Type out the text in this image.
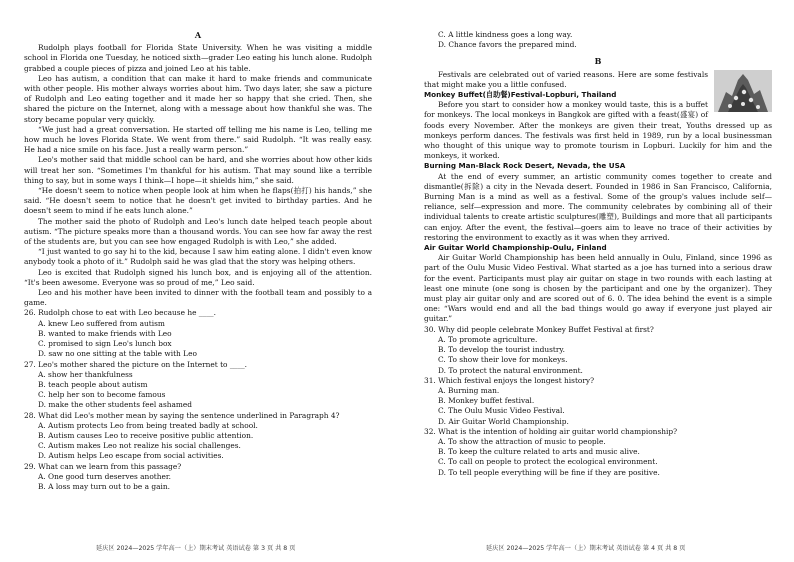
A

Rudolph plays football for Florida State University. When he was visiting a middle school in Florida one Tuesday, he noticed sixth—grader Leo eating his lunch alone. Rudolph grabbed a couple pieces of pizza and joined Leo at his table.

Leo has autism, a condition that can make it hard to make friends and communicate with other people. His mother always worries about him. Two days later, she saw a picture of Rudolph and Leo eating together and it made her so happy that she cried. Then, she shared the picture on the Internet, along with a message about how thankful she was. The story became popular very quickly.

“We just had a great conversation. He started off telling me his name is Leo, telling me how much he loves Florida State. We went from there.” said Rudolph. “It was really easy. He had a nice smile on his face. Just a really warm person.”

Leo's mother said that middle school can be hard, and she worries about how other kids will treat her son. “Sometimes I'm thankful for his autism. That may sound like a terrible thing to say, but in some ways I think—I hope—it shields him,” she said.

“He doesn't seem to notice when people look at him when he flaps(拍打) his hands,” she said. “He doesn't seem to notice that he doesn't get invited to birthday parties. And he doesn't seem to mind if he eats lunch alone.”

The mother said the photo of Rudolph and Leo's lunch date helped teach people about autism. “The picture speaks more than a thousand words. You can see how far away the rest of the students are, but you can see how engaged Rudolph is with Leo,” she added.

“I just wanted to go say hi to the kid, because I saw him eating alone. I didn't even know anybody took a photo of it.” Rudolph said he was glad that the story was helping others.

Leo is excited that Rudolph signed his lunch box, and is enjoying all of the attention. “It's been awesome. Everyone was so proud of me,” Leo said.

Leo and his mother have been invited to dinner with the football team and possibly to a game.

26. Rudolph chose to eat with Leo because he ____.

A. knew Leo suffered from autism

B. wanted to make friends with Leo

C. promised to sign Leo's lunch box

D. saw no one sitting at the table with Leo

27. Leo's mother shared the picture on the Internet to ____.

A. show her thankfulness

B. teach people about autism

C. help her son to become famous

D. make the other students feel ashamed

28. What did Leo's mother mean by saying the sentence underlined in Paragraph 4?

A. Autism protects Leo from being treated badly at school.

B. Autism causes Leo to receive positive public attention.

C. Autism makes Leo not realize his social challenges.

D. Autism helps Leo escape from social activities.

29. What can we learn from this passage?

A. One good turn deserves another.

B. A loss may turn out to be a gain.

C. A little kindness goes a long way.

D. Chance favors the prepared mind.

B

Festivals are celebrated out of varied reasons. Here are some festivals that might make you a little confused.

Monkey Buffet(自助餐)Festival-Lopburi, Thailand

Before you start to consider how a monkey would taste, this is a buffet for monkeys. The local monkeys in Bangkok are gifted with a feast(盛宴) of foods every November. After the monkeys are given their treat, Youths dressed up as monkeys perform dances. The festivals was first held in 1989, run by a local businessman who thought of this unique way to promote tourism in Lopburi. Luckily for him and the monkeys, it worked.

Burning Man-Black Rock Desert, Nevada, the USA

At the end of every summer, an artistic community comes together to create and dismantle(拆除) a city in the Nevada desert. Founded in 1986 in San Francisco, California, Burning Man is a mind as well as a festival. Some of the group's values include self—reliance, self—expression and more. The community celebrates by combining all of their individual talents to create artistic sculptures(雕塑), Buildings and more that all participants can enjoy. After the event, the festival—goers aim to leave no trace of their activities by restoring the environment to exactly as it was when they arrived.

Air Guitar World Championship-Oulu, Finland

Air Guitar World Championship has been held annually in Oulu, Finland, since 1996 as part of the Oulu Music Video Festival. What started as a joe has turned into a serious draw for the event. Participants must play air guitar on stage in two rounds with each lasting at least one minute (one song is chosen by the participant and one by the organizer). They must play air guitar only and are scored out of 6. 0. The idea behind the event is a simple one: “Wars would end and all the bad things would go away if everyone just played air guitar.”

30. Why did people celebrate Monkey Buffet Festival at first?

A. To promote agriculture.

B. To develop the tourist industry.

C. To show their love for monkeys.

D. To protect the natural environment.

31. Which festival enjoys the longest history?

A. Burning man.

B. Monkey buffet festival.

C. The Oulu Music Video Festival.

D. Air Guitar World Championship.

32. What is the intention of holding air guitar world championship?

A. To show the attraction of music to people.

B. To keep the culture related to arts and music alive.

C. To call on people to protect the ecological environment.

D. To tell people everything will be fine if they are positive.

延庆区 2024—2025 学年高一（上）期末考试 英语试卷 第 3 页 共 8 页	延庆区 2024—2025 学年高一（上）期末考试 英语试卷 第 4 页 共 8 页
